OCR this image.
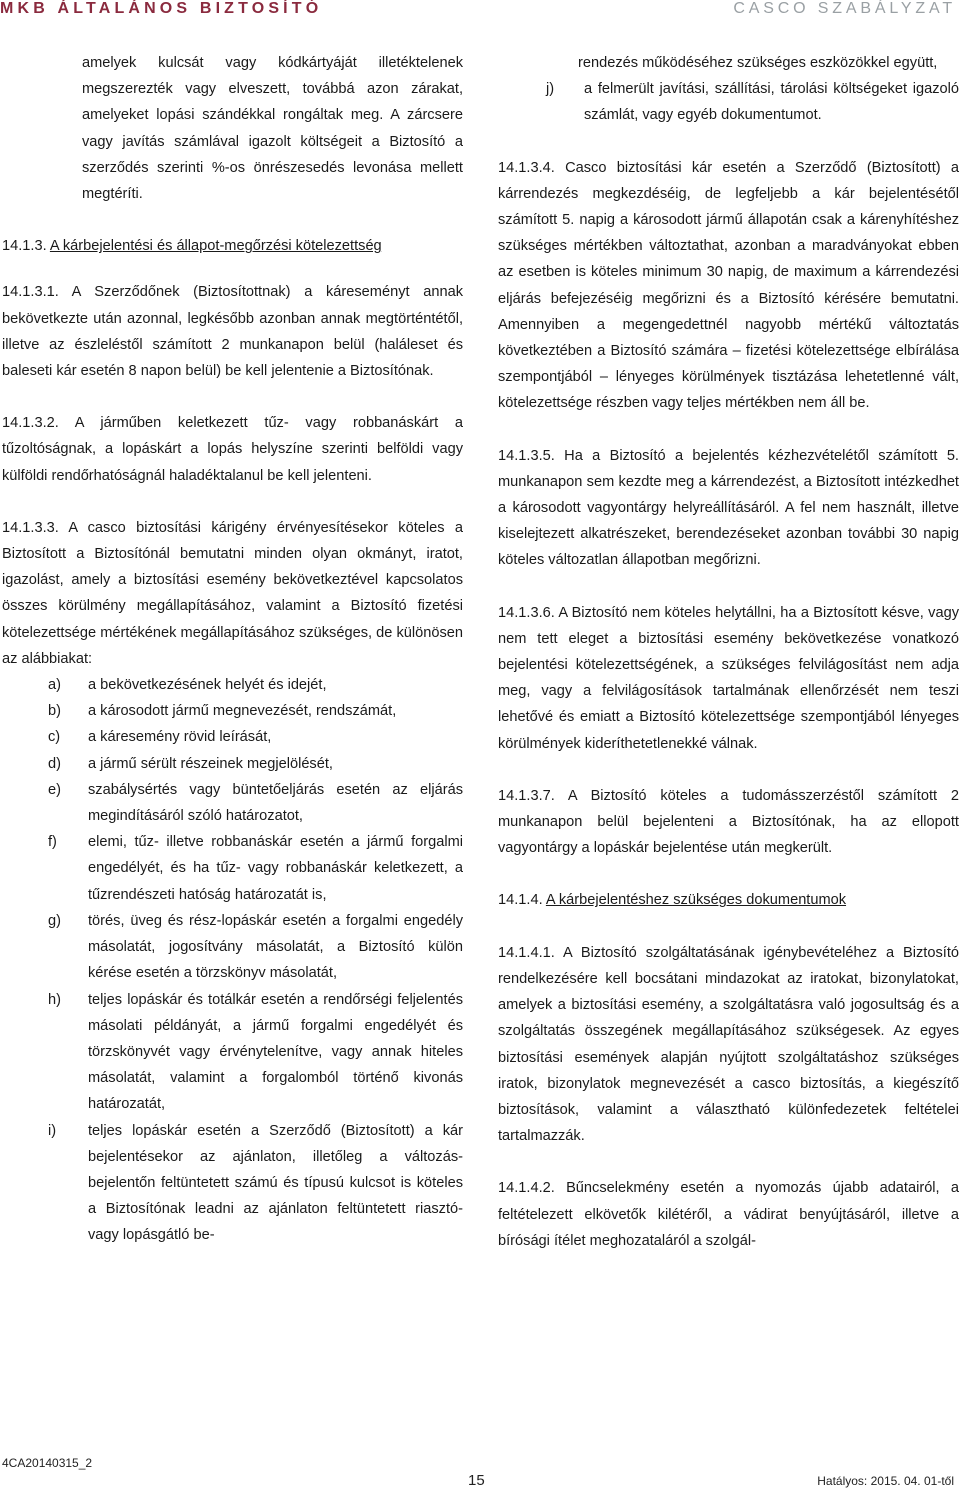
MKB ÁLTALÁNOS BIZTOSÍTÓ	CASCO SZABÁLYZAT

amelyek kulcsát vagy kódkártyáját illetéktelenek megszerezték vagy elveszett, továbbá azon zárakat, amelyeket lopási szándékkal rongáltak meg. A zárcsere vagy javítás számlával igazolt költségeit a Biztosító a szerződés szerinti %-os önrészesedés levonása mellett megtéríti.

14.1.3. A kárbejelentési és állapot-megőrzési kötelezettség

14.1.3.1. A Szerződőnek (Biztosítottnak) a káreseményt annak bekövetkezte után azonnal, legkésőbb azonban annak megtörténtétől, illetve az észleléstől számított 2 munkanapon belül (haláleset és baleseti kár esetén 8 napon belül) be kell jelentenie a Biztosítónak.

14.1.3.2. A járműben keletkezett tűz- vagy robbanáskárt a tűzoltóságnak, a lopáskárt a lopás helyszíne szerinti belföldi vagy külföldi rendőrhatóságnál haladéktalanul be kell jelenteni.

14.1.3.3. A casco biztosítási kárigény érvényesítésekor köteles a Biztosított a Biztosítónál bemutatni minden olyan okmányt, iratot, igazolást, amely a biztosítási esemény bekövetkeztével kapcsolatos összes körülmény megállapításához, valamint a Biztosító fizetési kötelezettsége mértékének megállapításához szükséges, de különösen az alábbiakat:

a) a bekövetkezésének helyét és idejét,

b) a károsodott jármű megnevezését, rendszámát,

c) a káresemény rövid leírását,

d) a jármű sérült részeinek megjelölését,

e) szabálysértés vagy büntetőeljárás esetén az eljárás megindításáról szóló határozatot,

f) elemi, tűz- illetve robbanáskár esetén a jármű forgalmi engedélyét, és ha tűz- vagy robbanáskár keletkezett, a tűzrendészeti hatóság határozatát is,

g) törés, üveg és rész-lopáskár esetén a forgalmi engedély másolatát, jogosítvány másolatát, a Biztosító külön kérése esetén a törzskönyv másolatát,

h) teljes lopáskár és totálkár esetén a rendőrségi feljelentés másolati példányát, a jármű forgalmi engedélyét és törzskönyvét vagy érvénytelenítve, vagy annak hiteles másolatát, valamint a forgalomból történő kivonás határozatát,

i) teljes lopáskár esetén a Szerződő (Biztosított) a kár bejelentésekor az ajánlaton, illetőleg a változás-bejelentőn feltüntetett számú és típusú kulcsot is köteles a Biztosítónak leadni az ajánlaton feltüntetett riasztó- vagy lopásgátló be-

rendezés működéséhez szükséges eszközökkel együtt,

j) a felmerült javítási, szállítási, tárolási költségeket igazoló számlát, vagy egyéb dokumentumot.

14.1.3.4. Casco biztosítási kár esetén a Szerződő (Biztosított) a kárrendezés megkezdéséig, de legfeljebb a kár bejelentésétől számított 5. napig a károsodott jármű állapotán csak a kárenyhítéshez szükséges mértékben változtathat, azonban a maradványokat ebben az esetben is köteles minimum 30 napig, de maximum a kárrendezési eljárás befejezéséig megőrizni és a Biztosító kérésére bemutatni. Amennyiben a megengedettnél nagyobb mértékű változtatás következtében a Biztosító számára – fizetési kötelezettsége elbírálása szempontjából – lényeges körülmények tisztázása lehetetlenné vált, kötelezettsége részben vagy teljes mértékben nem áll be.

14.1.3.5. Ha a Biztosító a bejelentés kézhezvételétől számított 5. munkanapon sem kezdte meg a kárrendezést, a Biztosított intézkedhet a károsodott vagyontárgy helyreállításáról. A fel nem használt, illetve kiselejtezett alkatrészeket, berendezéseket azonban további 30 napig köteles változatlan állapotban megőrizni.

14.1.3.6. A Biztosító nem köteles helytállni, ha a Biztosított késve, vagy nem tett eleget a biztosítási esemény bekövetkezése vonatkozó bejelentési kötelezettségének, a szükséges felvilágosítást nem adja meg, vagy a felvilágosítások tartalmának ellenőrzését nem teszi lehetővé és emiatt a Biztosító kötelezettsége szempontjából lényeges körülmények kideríthetetlenekké válnak.

14.1.3.7. A Biztosító köteles a tudomásszerzéstől számított 2 munkanapon belül bejelenteni a Biztosítónak, ha az ellopott vagyontárgy a lopáskár bejelentése után megkerült.

14.1.4. A kárbejelentéshez szükséges dokumentumok

14.1.4.1. A Biztosító szolgáltatásának igénybevételéhez a Biztosító rendelkezésére kell bocsátani mindazokat az iratokat, bizonylatokat, amelyek a biztosítási esemény, a szolgáltatásra való jogosultság és a szolgáltatás összegének megállapításához szükségesek. Az egyes biztosítási események alapján nyújtott szolgáltatáshoz szükséges iratok, bizonylatok megnevezését a casco biztosítás, a kiegészítő biztosítások, valamint a választható különfedezetek feltételei tartalmazzák.

14.1.4.2. Bűncselekmény esetén a nyomozás újabb adatairól, a feltételezett elkövetők kilétéről, a vádirat benyújtásáról, illetve a bírósági ítélet meghozataláról a szolgál-

4CA20140315_2
15	Hatályos: 2015. 04. 01-től
